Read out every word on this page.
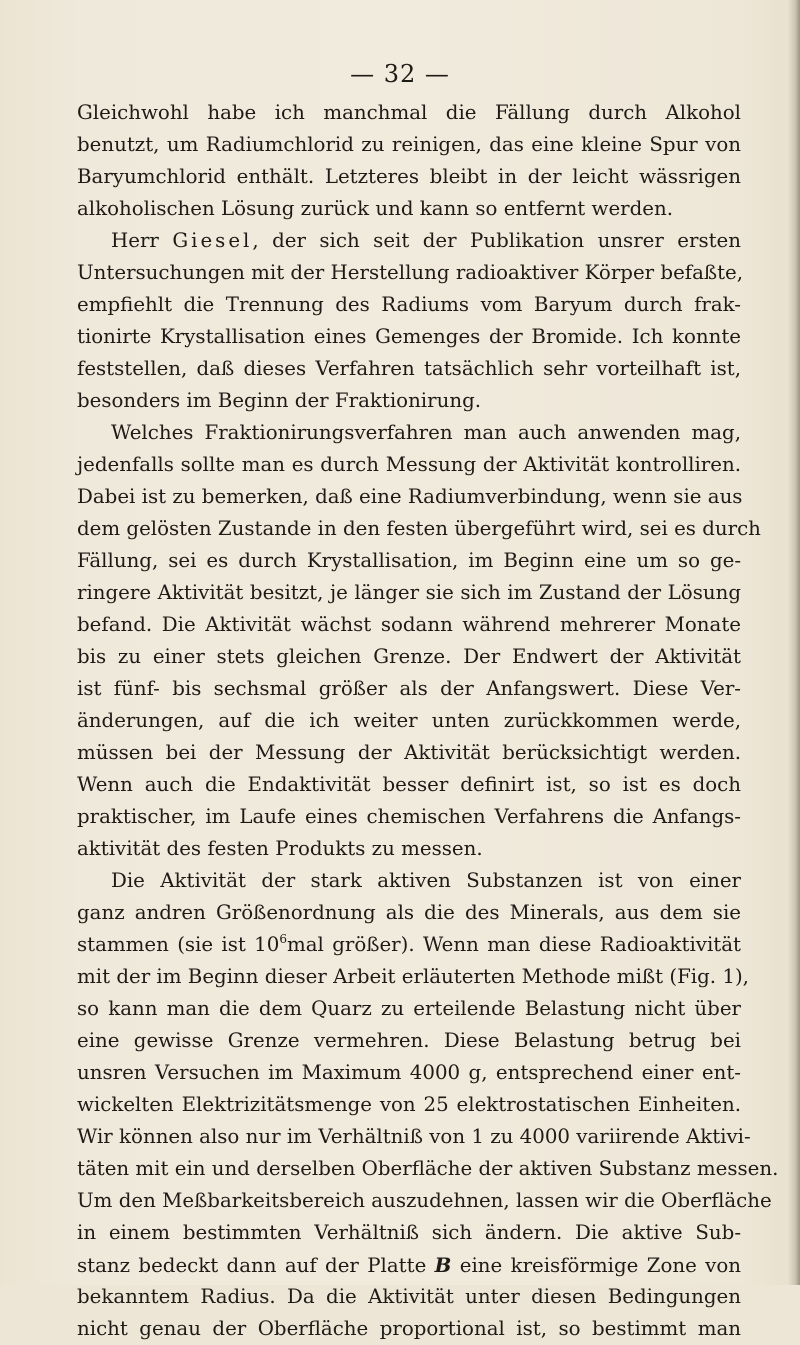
— 32 —
Gleichwohl habe ich manchmal die Fällung durch Alkohol
benutzt, um Radiumchlorid zu reinigen, das eine kleine Spur von
Baryumchlorid enthält. Letzteres bleibt in der leicht wässrigen
alkoholischen Lösung zurück und kann so entfernt werden.
Herr Giesel, der sich seit der Publikation unsrer ersten
Untersuchungen mit der Herstellung radioaktiver Körper befaßte,
empfiehlt die Trennung des Radiums vom Baryum durch frak-
tionirte Krystallisation eines Gemenges der Bromide. Ich konnte
feststellen, daß dieses Verfahren tatsächlich sehr vorteilhaft ist,
besonders im Beginn der Fraktionirung.
Welches Fraktionirungsverfahren man auch anwenden mag,
jedenfalls sollte man es durch Messung der Aktivität kontrolliren.
Dabei ist zu bemerken, daß eine Radiumverbindung, wenn sie aus
dem gelösten Zustande in den festen übergeführt wird, sei es durch
Fällung, sei es durch Krystallisation, im Beginn eine um so ge-
ringere Aktivität besitzt, je länger sie sich im Zustand der Lösung
befand. Die Aktivität wächst sodann während mehrerer Monate
bis zu einer stets gleichen Grenze. Der Endwert der Aktivität
ist fünf- bis sechsmal größer als der Anfangswert. Diese Ver-
änderungen, auf die ich weiter unten zurückkommen werde,
müssen bei der Messung der Aktivität berücksichtigt werden.
Wenn auch die Endaktivität besser definirt ist, so ist es doch
praktischer, im Laufe eines chemischen Verfahrens die Anfangs-
aktivität des festen Produkts zu messen.
Die Aktivität der stark aktiven Substanzen ist von einer
ganz andren Größenordnung als die des Minerals, aus dem sie
stammen (sie ist $10^6mal$ größer). Wenn man diese Radioaktivität
mit der im Beginn dieser Arbeit erläuterten Methode mißt (Fig. 1),
so kann man die dem Quarz zu erteilende Belastung nicht über
eine gewisse Grenze vermehren. Diese Belastung betrug bei
unsren Versuchen im Maximum 4000 g, entsprechend einer ent-
wickelten Elektrizitätsmenge von 25 elektrostatischen Einheiten.
Wir können also nur im Verhältniß von 1 zu 4000 variirende Aktivi-
täten mit ein und derselben Oberfläche der aktiven Substanz messen.
Um den Meßbarkeitsbereich auszudehnen, lassen wir die Oberfläche
in einem bestimmten Verhältniß sich ändern. Die aktive Sub-
stanz bedeckt dann auf der Platte B eine kreisförmige Zone von
bekanntem Radius. Da die Aktivität unter diesen Bedingungen
nicht genau der Oberfläche proportional ist, so bestimmt man
